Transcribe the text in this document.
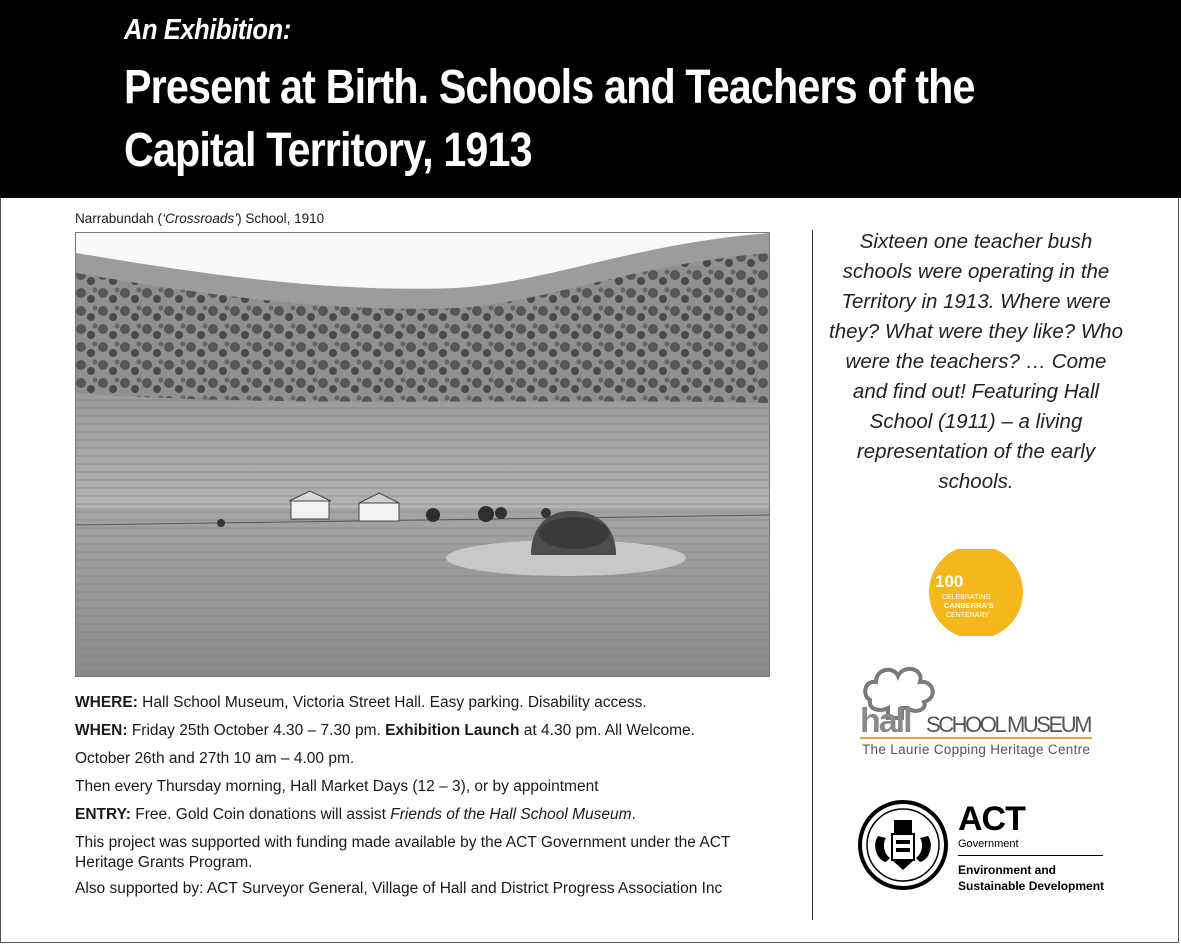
An Exhibition:
Present at Birth. Schools and Teachers of the Capital Territory, 1913
Narrabundah (‘Crossroads’) School, 1910
WHERE: Hall School Museum, Victoria Street Hall. Easy parking. Disability access.
WHEN: Friday 25th October 4.30 – 7.30 pm. Exhibition Launch at 4.30 pm. All Welcome.
October 26th and 27th 10 am – 4.00 pm.
Then every Thursday morning, Hall Market Days (12 – 3), or by appointment
ENTRY: Free. Gold Coin donations will assist Friends of the Hall School Museum.
This project was supported with funding made available by the ACT Government under the ACT Heritage Grants Program.
Also supported by: ACT Surveyor General, Village of Hall and District Progress Association Inc
Sixteen one teacher bush schools were operating in the Territory in 1913. Where were they? What were they like? Who were the teachers? … Come and find out! Featuring Hall School (1911) – a living representation of the early schools.
100
CELEBRATING
CANBERRA'S
CENTENARY
hall SCHOOL MUSEUM
The Laurie Copping Heritage Centre
ACT
Government
Environment and
Sustainable Development
